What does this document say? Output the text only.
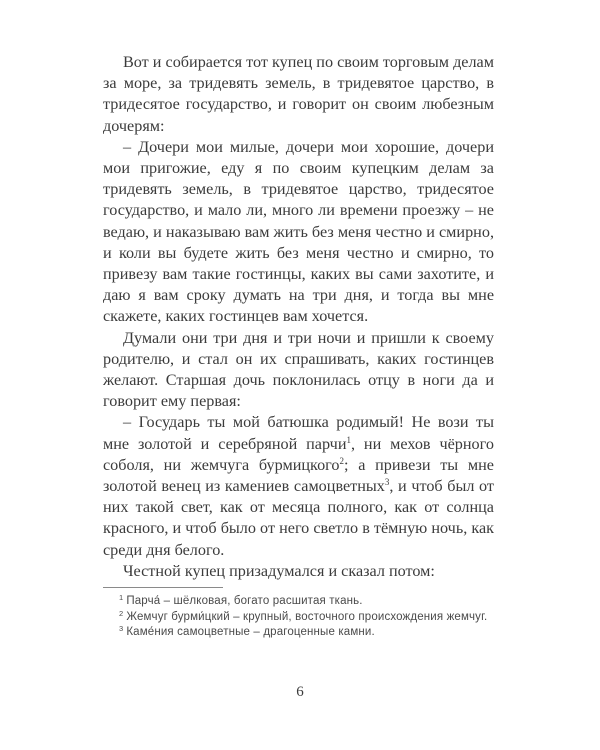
Вот и собирается тот купец по своим торговым делам за море, за тридевять земель, в тридевятое царство, в тридесятое государство, и говорит он своим любезным дочерям:

– Дочери мои милые, дочери мои хорошие, дочери мои пригожие, еду я по своим купецким делам за тридевять земель, в тридевятое царство, тридесятое государство, и мало ли, много ли времени проезжу – не ведаю, и наказываю вам жить без меня честно и смирно, и коли вы будете жить без меня честно и смирно, то привезу вам такие гостинцы, каких вы сами захотите, и даю я вам сроку думать на три дня, и тогда вы мне скажете, каких гостинцев вам хочется.

Думали они три дня и три ночи и пришли к своему родителю, и стал он их спрашивать, каких гостинцев желают. Старшая дочь поклонилась отцу в ноги да и говорит ему первая:

– Государь ты мой батюшка родимый! Не вози ты мне золотой и серебряной парчи$^1$, ни мехов чёрного соболя, ни жемчуга бурмицкого$^2$; а привези ты мне золотой венец из камениев самоцветных$^3$, и чтоб был от них такой свет, как от месяца полного, как от солнца красного, и чтоб было от него светло в тёмную ночь, как среди дня белого.

Честной купец призадумался и сказал потом:

$^1$ Парча́ – шёлковая, богато расшитая ткань.

$^2$ Жемчуг бурми́цкий – крупный, восточного происхождения жемчуг.

$^3$ Каме́ния самоцветные – драгоценные камни.

6
